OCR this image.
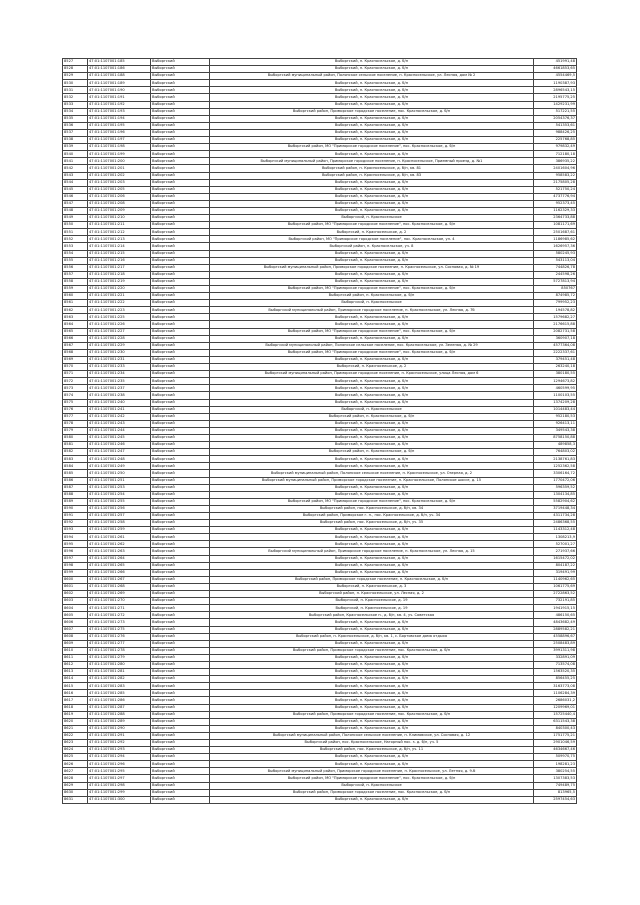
8527	47:01:1107001:185	Выборгский	Выборгский, п. Красносельское, д. б/н	451991,48
8528	47:01:1107001:186	Выборгский	Выборгский, п. Красносельское, д. б/н	4661853,65
8529	47:01:1107001:188	Выборгский	Выборгский муниципальный район, Полянское сельское поселение, п. Красносельское, ул. Лесная, дом № 2	4554469,5
8530	47:01:1107001:189	Выборгский	Выборгский, п. Красносельское, д. б/н	1190387,93
8531	47:01:1107001:190	Выборгский	Выборгский, п. Красносельское, д. б/н	2896543,15
8532	47:01:1107001:191	Выборгский	Выборгский, п. Красносельское, д. б/н	2195775,25
8533	47:01:1107001:192	Выборгский	Выборгский, п. Красносельское, д. б/н	1429231,99
8534	47:01:1107001:193	Выборгский	Выборгский район, Приморское городское поселение, пос. Красносельское, д. б/н	517221,55
8535	47:01:1107001:194	Выборгский	Выборгский, п. Красносельское, д. б/н	2054376,37
8536	47:01:1107001:195	Выборгский	Выборгский, п. Красносельское, д. б/н	541353,61
8537	47:01:1107001:196	Выборгский	Выборгский, п. Красносельское, д. б/н	988426,25
8538	47:01:1107001:197	Выборгский	Выборгский, п. Красносельское, д. б/н	225768,85
8539	47:01:1107001:198	Выборгский	Выборгский район, МО "Приморское городское поселение", пос. Красносельское, д. б/н	979832,49
8540	47:01:1107001:199	Выборгский	Выборгский, п. Красносельское, д. б/н	712180,18
8541	47:01:1107001:200	Выборгский	Выборгский муниципальный район, Приморское городское поселение, п. Красносельское, Приемный проезд, д. №1	386935,22
8542	47:01:1107001:201	Выборгский	Выборгский район, п. Красносельское, д. б/н, кв. 81	2401604,96
8543	47:01:1107001:202	Выборгский	Выборгский район, п. Красносельское, д. б/н, кв. 83	958583,22
8544	47:01:1107001:203	Выборгский	Выборгский, п. Красносельское, д. б/н	2175805,28
8545	47:01:1107001:205	Выборгский	Выборгский, п. Красносельское, д. б/н	521750,24
8546	47:01:1107001:206	Выборгский	Выборгский, п. Красносельское, д. б/н	4737776,94
8547	47:01:1107001:208	Выборгский	Выборгский, п. Красносельское, д. б/н	952373,45
8548	47:01:1107001:209	Выборгский	Выборгский, п. Красносельское, д. б/н	1162329,33
8549	47:01:1107001:210	Выборгский	Выборгский, п. Красносельское	2364733,88
8550	47:01:1107001:211	Выборгский	Выборгский район, МО "Приморское городское поселение", пос. Красносельское, д. б/н	1081171,69
8551	47:01:1107001:212	Выборгский	Выборгский, п. Красносельское, д. 2	2501687,61
8552	47:01:1107001:213	Выборгский	Выборгский район, МО "Приморское городское поселение", пос. Красносельское, ул. 4	1186985,62
8553	47:01:1107001:214	Выборгский	Выборгский район, п. Красносельское, уч. 8	1626957,36
8554	47:01:1107001:215	Выборгский	Выборгский, п. Красносельское, д. б/н	580245,93
8555	47:01:1107001:216	Выборгский	Выборгский, п. Красносельское, д. б/н	543113,04
8556	47:01:1107001:217	Выборгский	Выборгский муниципальный район, Приморское городское поселение, п. Красносельское, ул. Сосновая, д. № 19	744826,78
8557	47:01:1107001:218	Выборгский	Выборгский, п. Красносельское, д. б/н	244598,26
8558	47:01:1107001:219	Выборгский	Выборгский, п. Красносельское, д. б/н	5727813,94
8559	47:01:1107001:220	Выборгский	Выборгский район, МО "Приморское городское поселение", пос. Красносельское, д. б/н	850767
8560	47:01:1107001:221	Выборгский	Выборгский район, п. Красносельское, д. б/н	874985,72
8561	47:01:1107001:222	Выборгский	Выборгский, п. Красносельское	799952,23
8562	47:01:1107001:223	Выборгский	Выборгский муниципальный район, Приморское городское поселение, п. Красносельское, ул. Лесная, д. 7б	194578,82
8563	47:01:1107001:225	Выборгский	Выборгский, п. Красносельское, д. б/н	1579682,27
8564	47:01:1107001:226	Выборгский	Выборгский, п. Красносельское, д. б/н	2176615,88
8565	47:01:1107001:227	Выборгский	Выборгский район, МО "Приморское городское поселение", пос. Красносельское, д. б/н	2082731,58
8566	47:01:1107001:228	Выборгский	Выборгский, п. Красносельское, д. б/н	360907,18
8567	47:01:1107001:229	Выборгский	Выборгский муниципальный район, Полянское сельское поселение, пос. Красносельское, ул. Зеленая, д. № 29	4577364,08
8568	47:01:1107001:230	Выборгский	Выборгский район, МО "Приморское городское поселение", пос. Красносельское, д. б/н	2222337,61
8569	47:01:1107001:231	Выборгский	Выборгский, п. Красносельское, д. б/н	379451,48
8570	47:01:1107001:233	Выборгский	Выборгский, п. Красносельское, д. 2	263240,18
8571	47:01:1107001:234	Выборгский	Выборгский муниципальный район, Приморское городское поселение, п. Красносельское, улица Лесная, дом 6	380180,55
8572	47:01:1107001:235	Выборгский	Выборгский, п. Красносельское, д. б/н	1294673,82
8573	47:01:1107001:237	Выборгский	Выборгский, п. Красносельское, д. б/н	460599,95
8574	47:01:1107001:238	Выборгский	Выборгский, п. Красносельское, д. б/н	1100103,55
8575	47:01:1107001:240	Выборгский	Выборгский, п. Красносельское, д. б/н	1374209,28
8576	47:01:1107001:241	Выборгский	Выборгский, п. Красносельское	1014483,44
8577	47:01:1107001:242	Выборгский	Выборгский район, п. Красносельское, д. б/н	952180,53
8578	47:01:1107001:243	Выборгский	Выборгский, п. Красносельское, д. б/н	926413,11
8579	47:01:1107001:244	Выборгский	Выборгский, п. Красносельское, д. б/н	349543,38
8580	47:01:1107001:245	Выборгский	Выборгский, п. Красносельское, д. б/н	8758150,88
8581	47:01:1107001:246	Выборгский	Выборгский, п. Красносельское, д. б/н	489858,3
8582	47:01:1107001:247	Выборгский	Выборгский район, п. Красносельское, д. б/н	764803,02
8583	47:01:1107001:248	Выборгский	Выборгский, п. Красносельское, д. б/н	2138761,83
8584	47:01:1107001:249	Выборгский	Выборгский, п. Красносельское, д. б/н	1252362,58
8585	47:01:1107001:250	Выборгский	Выборгский муниципальный район, Полянское сельское поселение, п. Красносельское, ул. Озерная, д. 2	3306164,72
8586	47:01:1107001:251	Выборгский	Выборгский муниципальный район, Приморское городское поселение, п. Красносельское, Полянское шоссе, д. 15	1770472,06
8587	47:01:1107001:253	Выборгский	Выборгский, п. Красносельское, д. б/н	596359,52
8588	47:01:1107001:254	Выборгский	Выборгский, п. Красносельское, д. б/н	1304134,85
8589	47:01:1107001:255	Выборгский	Выборгский район, МО "Приморское городское поселение", пос. Красносельское, д. б/н	5582904,62
8590	47:01:1107001:256	Выборгский	Выборгский район, пос. Красносельское, д. б/н, кв. 34	3719448,34
8591	47:01:1107001:257	Выборгский	Выборгский район, Приморское г. п., пос. Красносельское, д. б/н, уч. 34	4311734,28
8592	47:01:1107001:258	Выборгский	Выборгский район, пос. Красносельское, д. б/н, уч. 35	2486368,55
8593	47:01:1107001:259	Выборгский	Выборгский, п. Красносельское, д. б/н	1143312,48
8594	47:01:1107001:261	Выборгский	Выборгский, п. Красносельское, д. б/н	1308213,9
8595	47:01:1107001:262	Выборгский	Выборгский, п. Красносельское, д. б/н	527001,27
8596	47:01:1107001:263	Выборгский	Выборгский муниципальный район, Приморское городское поселение, п. Красносельское, ул. Лесная, д. 15	271937,66
8597	47:01:1107001:264	Выборгский	Выборгский, п. Красносельское, д. б/н	1615472,02
8598	47:01:1107001:265	Выборгский	Выборгский, п. Красносельское, д. б/н	804187,22
8599	47:01:1107001:266	Выборгский	Выборгский, п. Красносельское, д. б/н	319491,99
8600	47:01:1107001:267	Выборгский	Выборгский район, Приморское городское поселение, п. Красносельское, д. б/н	1140962,65
8601	47:01:1107001:268	Выборгский	Выборгский, п. Красносельское, д. 3	1061775,69
8602	47:01:1107001:269	Выборгский	Выборгский район, п. Красносельское, ул. Лесная, д. 2	2722863,52
8603	47:01:1107001:270	Выборгский	Выборгский, п. Красносельское, д. 19	732191,85
8604	47:01:1107001:271	Выборгский	Выборгский, п. Красносельское, д. 19	1941915,15
8605	47:01:1107001:272	Выборгский	Выборгский район, Красносельское п., д. б/н, кв. 4, уч. Советская	486150,65
8606	47:01:1107001:273	Выборгский	Выборгский, п. Красносельское, д. б/н	4843682,49
8607	47:01:1107001:275	Выборгский	Выборгский, п. Красносельское, д. б/н	2889582,21
8608	47:01:1107001:276	Выборгский	Выборгский район, п. Красносельское, д. б/н, кв. 1, с. Бортовское дома отдыха	4558896,67
8609	47:01:1107001:277	Выборгский	Выборгский, п. Красносельское, д. б/н	2508483,89
8610	47:01:1107001:278	Выборгский	Выборгский район, Приморское городское поселение, пос. Красносельское, д. б/н	3991311,98
8611	47:01:1107001:279	Выборгский	Выборгский, п. Красносельское, д. б/н	332891,09
8612	47:01:1107001:280	Выборгский	Выборгский, п. Красносельское, д. б/н	713574,08
8613	47:01:1107001:281	Выборгский	Выборгский, п. Красносельское, д. б/н	1563520,35
8614	47:01:1107001:282	Выборгский	Выборгский, п. Красносельское, д. б/н	856455,25
8615	47:01:1107001:283	Выборгский	Выборгский, п. Красносельское, д. б/н	3163773,08
8616	47:01:1107001:285	Выборгский	Выборгский, п. Красносельское, д. б/н	1106284,39
8617	47:01:1107001:286	Выборгский	Выборгский, п. Красносельское, д. б/н	2686031,2
8618	47:01:1107001:287	Выборгский	Выборгский, п. Красносельское, д. б/н	1209969,01
8619	47:01:1107001:288	Выборгский	Выборгский район, Приморское городское поселение, пос. Красносельское, д. б/н	15725440,4
8620	47:01:1107001:289	Выборгский	Выборгский, п. Красносельское, д. б/н	6311543,38
8621	47:01:1107001:290	Выборгский	Выборгский, п. Красносельское, д. б/н	840300,43
8622	47:01:1107001:291	Выборгский	Выборгский муниципальный район, Полянское сельское поселение, п. Климовское, ул. Сосновая, д. 12	1751775,21
8623	47:01:1107001:292	Выборгский	Выборгский район, пос. Красносельское, Нагорный пос. з. д. б/н, уч. 5	2901046,59
8624	47:01:1107001:293	Выборгский	Выборгский район, пос. Красносельское, д. б/н, уч. 11	4634667,46
8625	47:01:1107001:294	Выборгский	Выборгский, п. Красносельское, д. б/н	509970,75
8626	47:01:1107001:296	Выборгский	Выборгский, п. Красносельское, д. б/н	198281,23
8627	47:01:1107001:295	Выборгский	Выборгский муниципальный район, Приморское городское поселение, п. Красносельское, ул. Летняя, д. 9-б	380254,55
8628	47:01:1107001:297	Выборгский	Выборгский район, МО "Приморское городское поселение", пос. Красносельское, д. б/н	1307383,53
8629	47:01:1107001:298	Выборгский	Выборгский, п. Красносельское	749489,75
8630	47:01:1107001:299	Выборгский	Выборгский район, Приморское городское поселение, пос. Красносельское, д. б/н	813965,5
8631	47:01:1107001:300	Выборгский	Выборгский, п. Красносельское, д. б/н	2597454,63
